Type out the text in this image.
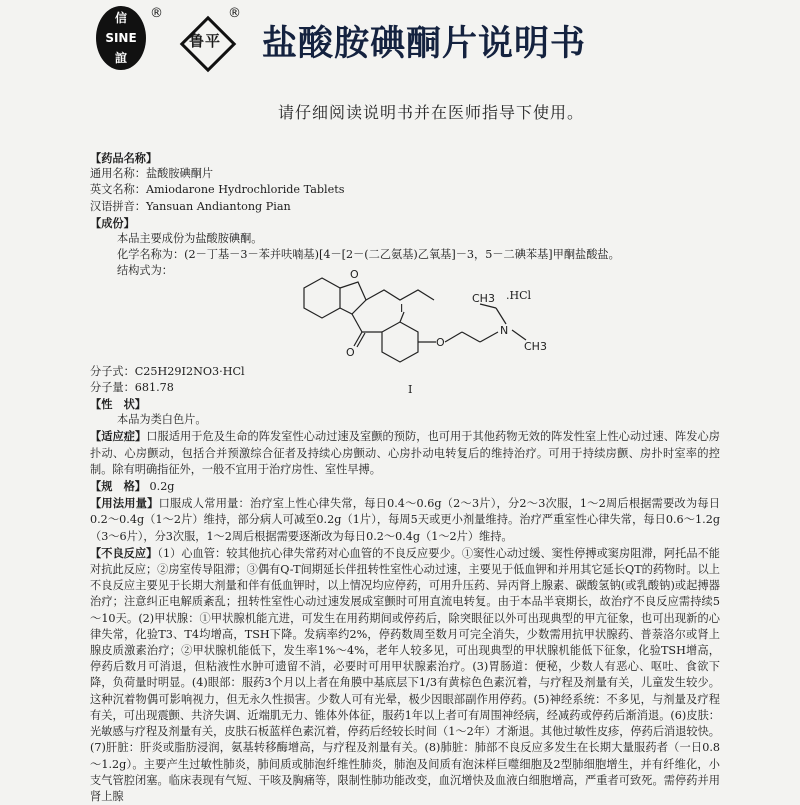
信
SINE
誼
®
鲁平
®
盐酸胺碘酮片说明书
请仔细阅读说明书并在医师指导下使用。
【药品名称】
通用名称：盐酸胺碘酮片
英文名称：Amiodarone Hydrochloride Tablets
汉语拼音：Yansuan Andiantong Pian
【成份】
本品主要成份为盐酸胺碘酮。
化学名称为：(2－丁基－3－苯并呋喃基)[4－[2－(二乙氨基)乙氧基]－3，5－二碘苯基]甲酮盐酸盐。
结构式为：	O
O
I
O
N
CH3
CH3
.HCl
分子式：C25H29I2NO3·HCl
分子量：681.78	I
【性　状】
本品为类白色片。
【适应症】口服适用于危及生命的阵发室性心动过速及室颤的预防，也可用于其他药物无效的阵发性室上性心动过速、阵发心房扑动、心房颤动，包括合并预激综合征者及持续心房颤动、心房扑动电转复后的维持治疗。可用于持续房颤、房扑时室率的控制。除有明确指征外，一般不宜用于治疗房性、室性早搏。
【规　格】 0.2g
【用法用量】口服成人常用量：治疗室上性心律失常，每日0.4～0.6g（2～3片），分2～3次服，1～2周后根据需要改为每日0.2～0.4g（1～2片）维持，部分病人可减至0.2g（1片），每周5天或更小剂量维持。治疗严重室性心律失常，每日0.6～1.2g（3～6片），分3次服，1～2周后根据需要逐渐改为每日0.2～0.4g（1～2片）维持。
【不良反应】（1）心血管：较其他抗心律失常药对心血管的不良反应要少。①窦性心动过缓、窦性停搏或窦房阻滞，阿托品不能对抗此反应；②房室传导阻滞；③偶有Q-T间期延长伴扭转性室性心动过速，主要见于低血钾和并用其它延长QT的药物时。以上不良反应主要见于长期大剂量和伴有低血钾时，以上情况均应停药，可用升压药、异丙肾上腺素、碳酸氢钠(或乳酸钠)或起搏器治疗；注意纠正电解质紊乱；扭转性室性心动过速发展成室颤时可用直流电转复。由于本品半衰期长，故治疗不良反应需持续5～10天。(2)甲状腺：①甲状腺机能亢进，可发生在用药期间或停药后，除突眼征以外可出现典型的甲亢征象，也可出现新的心律失常，化验T3、T4均增高，TSH下降。发病率约2%，停药数周至数月可完全消失，少数需用抗甲状腺药、普萘洛尔或肾上腺皮质激素治疗；②甲状腺机能低下，发生率1%～4%，老年人较多见，可出现典型的甲状腺机能低下征象，化验TSH增高，停药后数月可消退，但粘液性水肿可遗留不消，必要时可用甲状腺素治疗。(3)胃肠道：便秘，少数人有恶心、呕吐、食欲下降，负荷量时明显。(4)眼部：服药3个月以上者在角膜中基底层下1/3有黄棕色色素沉着，与疗程及剂量有关，儿童发生较少。这种沉着物偶可影响视力，但无永久性损害。少数人可有光晕，极少因眼部副作用停药。(5)神经系统：不多见，与剂量及疗程有关，可出现震颤、共济失调、近端肌无力、锥体外体征，服药1年以上者可有周围神经病，经减药或停药后渐消退。(6)皮肤：光敏感与疗程及剂量有关，皮肤石板蓝样色素沉着，停药后经较长时间（1～2年）才渐退。其他过敏性皮疹，停药后消退较快。(7)肝脏：肝炎或脂肪浸润，氨基转移酶增高，与疗程及剂量有关。(8)肺脏：肺部不良反应多发生在长期大量服药者（一日0.8～1.2g）。主要产生过敏性肺炎，肺间质或肺泡纤维性肺炎，肺泡及间质有泡沫样巨噬细胞及2型肺细胞增生，并有纤维化，小支气管腔闭塞。临床表现有气短、干咳及胸痛等，限制性肺功能改变，血沉增快及血液白细胞增高，严重者可致死。需停药并用肾上腺
